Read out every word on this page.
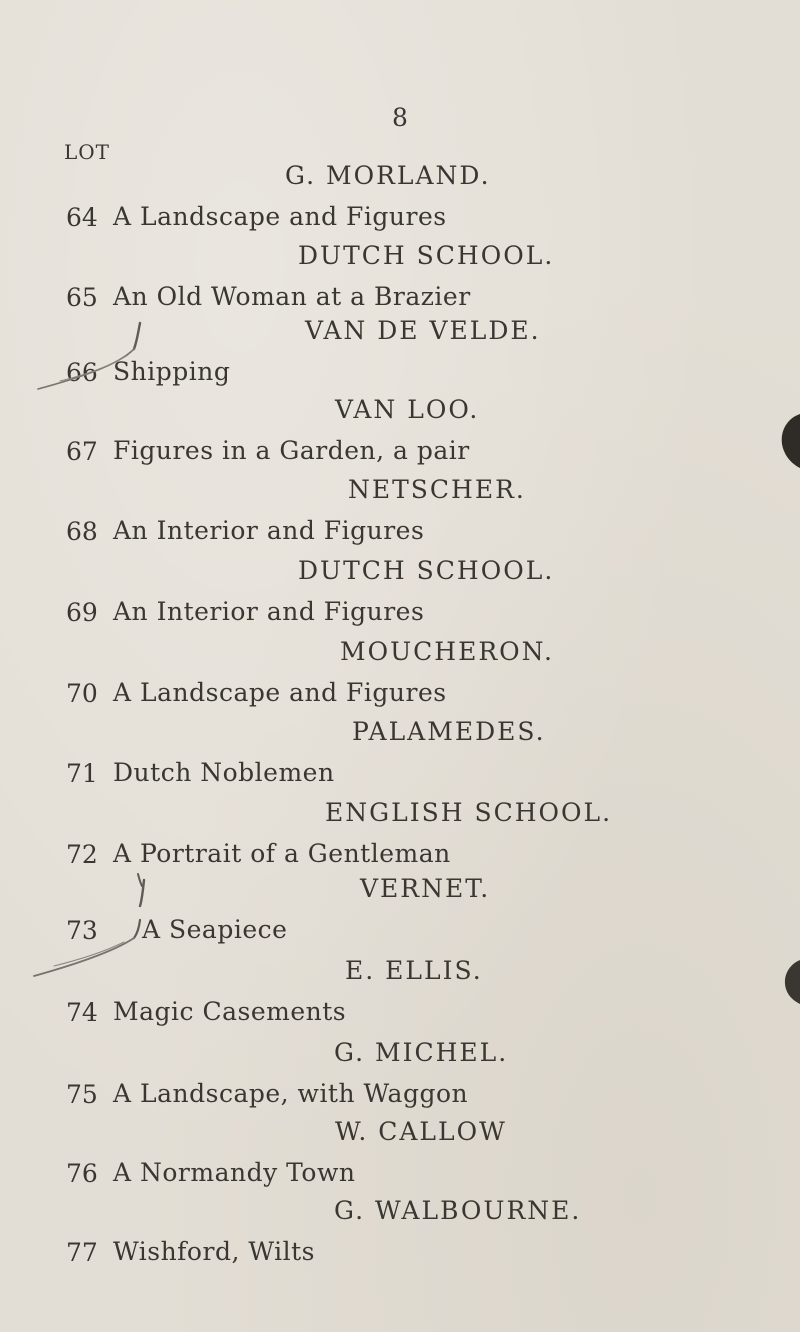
8
LOT
G. MORLAND.
64 A Landscape and Figures
DUTCH SCHOOL.
65 An Old Woman at a Brazier
VAN DE VELDE.
66 Shipping
VAN LOO.
67 Figures in a Garden, a pair
NETSCHER.
68 An Interior and Figures
DUTCH SCHOOL.
69 An Interior and Figures
MOUCHERON.
70 A Landscape and Figures
PALAMEDES.
71 Dutch Noblemen
ENGLISH SCHOOL.
72 A Portrait of a Gentleman
VERNET.
73 A Seapiece
E. ELLIS.
74 Magic Casements
G. MICHEL.
75 A Landscape, with Waggon
W. CALLOW
76 A Normandy Town
G. WALBOURNE.
77 Wishford, Wilts
